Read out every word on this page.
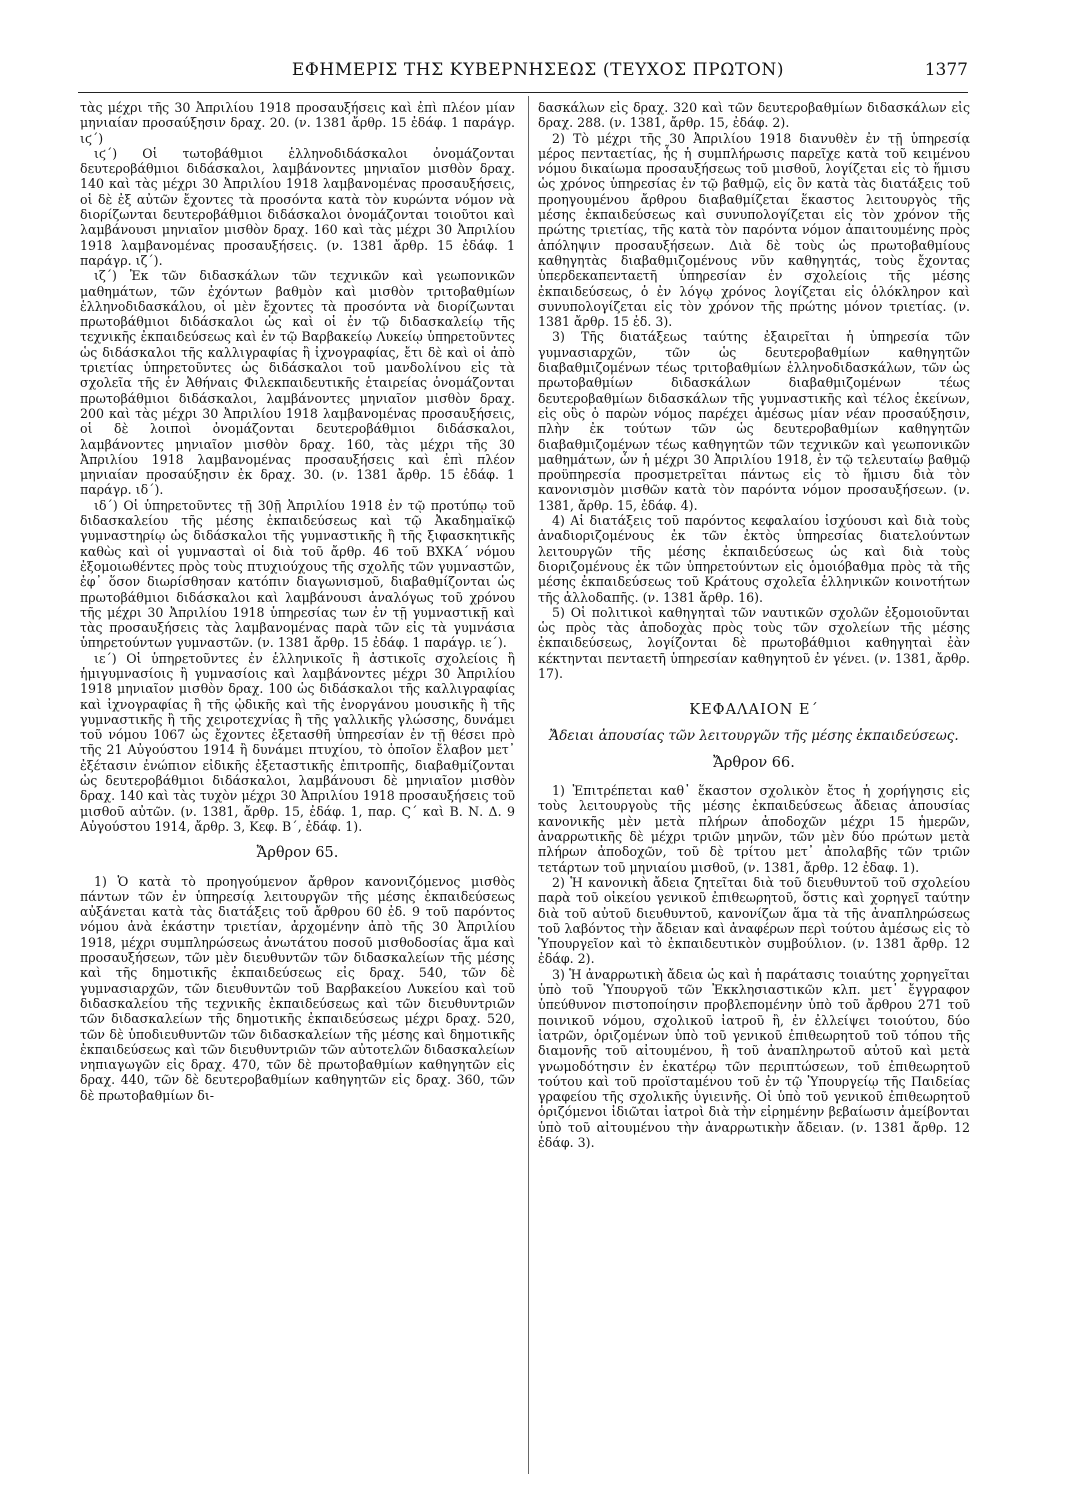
ΕΦΗΜΕΡΙΣ ΤΗΣ ΚΥΒΕΡΝΗΣΕΩΣ (ΤΕΥΧΟΣ ΠΡΩΤΟΝ)	1377

τὰς μέχρι τῆς 30 Ἀπριλίου 1918 προσαυξήσεις καὶ ἐπὶ πλέον μίαν μηνιαίαν προσαύξησιν δραχ. 20. (ν. 1381 ἄρθρ. 15 ἐδάφ. 1 παράγρ. ιϛ΄)

ιϛ΄) Οἱ τωτοβάθμιοι ἑλληνοδιδάσκαλοι ὀνομάζονται δευτεροβάθμιοι διδάσκαλοι, λαμβάνοντες μηνιαῖον μισθὸν δραχ. 140 καὶ τὰς μέχρι 30 Ἀπριλίου 1918 λαμβανομένας προσαυξήσεις, οἱ δὲ ἐξ αὐτῶν ἔχοντες τὰ προσόντα κατὰ τὸν κυρώντα νόμον νὰ διορίζωνται δευτεροβάθμιοι διδάσκαλοι ὀνομάζονται τοιοῦτοι καὶ λαμβάνουσι μηνιαῖον μισθὸν δραχ. 160 καὶ τὰς μέχρι 30 Ἀπριλίου 1918 λαμβανομένας προσαυξήσεις. (ν. 1381 ἄρθρ. 15 ἐδάφ. 1 παράγρ. ιζ΄).

ιζ΄) Ἐκ τῶν διδασκάλων τῶν τεχνικῶν καὶ γεωπονικῶν μαθημάτων, τῶν ἐχόντων βαθμὸν καὶ μισθὸν τριτοβαθμίων ἑλληνοδιδασκάλου, οἱ μὲν ἔχοντες τὰ προσόντα νὰ διορίζωνται πρωτοβάθμιοι διδάσκαλοι ὡς καὶ οἱ ἐν τῷ διδασκαλείῳ τῆς τεχνικῆς ἐκπαιδεύσεως καὶ ἐν τῷ Βαρβακείῳ Λυκείῳ ὑπηρετοῦντες ὡς διδάσκαλοι τῆς καλλιγραφίας ἢ ἰχνογραφίας, ἔτι δὲ καὶ οἱ ἀπὸ τριετίας ὑπηρετοῦντες ὡς διδάσκαλοι τοῦ μανδολίνου εἰς τὰ σχολεῖα τῆς ἐν Ἀθήναις Φιλεκπαιδευτικῆς ἑταιρείας ὀνομάζονται πρωτοβάθμιοι διδάσκαλοι, λαμβάνοντες μηνιαῖον μισθὸν δραχ. 200 καὶ τὰς μέχρι 30 Ἀπριλίου 1918 λαμβανομένας προσαυξήσεις, οἱ δὲ λοιποὶ ὀνομάζονται δευτεροβάθμιοι διδάσκαλοι, λαμβάνοντες μηνιαῖον μισθὸν δραχ. 160, τὰς μέχρι τῆς 30 Ἀπριλίου 1918 λαμβανομένας προσαυξήσεις καὶ ἐπὶ πλέον μηνιαίαν προσαύξησιν ἐκ δραχ. 30. (ν. 1381 ἄρθρ. 15 ἐδάφ. 1 παράγρ. ιδ΄).

ιδ΄) Οἱ ὑπηρετοῦντες τῇ 30ῇ Ἀπριλίου 1918 ἐν τῷ προτύπῳ τοῦ διδασκαλείου τῆς μέσης ἐκπαιδεύσεως καὶ τῷ Ἀκαδημαϊκῷ γυμναστηρίῳ ὡς διδάσκαλοι τῆς γυμναστικῆς ἢ τῆς ξιφασκητικῆς καθὼς καὶ οἱ γυμνασταὶ οἱ διὰ τοῦ ἄρθρ. 46 τοῦ ΒΧΚΑ΄ νόμου ἐξομοιωθέντες πρὸς τοὺς πτυχιούχους τῆς σχολῆς τῶν γυμναστῶν, ἐφ᾽ ὅσον διωρίσθησαν κατόπιν διαγωνισμοῦ, διαβαθμίζονται ὡς πρωτοβάθμιοι διδάσκαλοι καὶ λαμβάνουσι ἀναλόγως τοῦ χρόνου τῆς μέχρι 30 Ἀπριλίου 1918 ὑπηρεσίας των ἐν τῇ γυμναστικῇ καὶ τὰς προσαυξήσεις τὰς λαμβανομένας παρὰ τῶν εἰς τὰ γυμνάσια ὑπηρετούντων γυμναστῶν. (ν. 1381 ἄρθρ. 15 ἐδάφ. 1 παράγρ. ιε΄).

ιε΄) Οἱ ὑπηρετοῦντες ἐν ἑλληνικοῖς ἢ ἀστικοῖς σχολείοις ἢ ἡμιγυμνασίοις ἢ γυμνασίοις καὶ λαμβάνοντες μέχρι 30 Ἀπριλίου 1918 μηνιαῖον μισθὸν δραχ. 100 ὡς διδάσκαλοι τῆς καλλιγραφίας καὶ ἰχνογραφίας ἢ τῆς ᾠδικῆς καὶ τῆς ἐνοργάνου μουσικῆς ἢ τῆς γυμναστικῆς ἢ τῆς χειροτεχνίας ἢ τῆς γαλλικῆς γλώσσης, δυνάμει τοῦ νόμου 1067 ὡς ἔχοντες ἐξετασθῆ ὑπηρεσίαν ἐν τῇ θέσει πρὸ τῆς 21 Αὐγούστου 1914 ἢ δυνάμει πτυχίου, τὸ ὁποῖον ἔλαβον μετ᾽ ἐξέτασιν ἐνώπιον εἰδικῆς ἐξεταστικῆς ἐπιτροπῆς, διαβαθμίζονται ὡς δευτεροβάθμιοι διδάσκαλοι, λαμβάνουσι δὲ μηνιαῖον μισθὸν δραχ. 140 καὶ τὰς τυχὸν μέχρι 30 Ἀπριλίου 1918 προσαυξήσεις τοῦ μισθοῦ αὐτῶν. (ν. 1381, ἄρθρ. 15, ἐδάφ. 1, παρ. Ϛ΄ καὶ Β. Ν. Δ. 9 Αὐγούστου 1914, ἄρθρ. 3, Κεφ. Β΄, ἐδάφ. 1).

Ἄρθρον 65.

1) Ὁ κατὰ τὸ προηγούμενον ἄρθρον κανονιζόμενος μισθὸς πάντων τῶν ἐν ὑπηρεσίᾳ λειτουργῶν τῆς μέσης ἐκπαιδεύσεως αὐξάνεται κατὰ τὰς διατάξεις τοῦ ἄρθρου 60 ἐδ. 9 τοῦ παρόντος νόμου ἀνὰ ἑκάστην τριετίαν, ἀρχομένην ἀπὸ τῆς 30 Ἀπριλίου 1918, μέχρι συμπληρώσεως ἀνωτάτου ποσοῦ μισθοδοσίας ἅμα καὶ προσαυξήσεων, τῶν μὲν διευθυντῶν τῶν διδασκαλείων τῆς μέσης καὶ τῆς δημοτικῆς ἐκπαιδεύσεως εἰς δραχ. 540, τῶν δὲ γυμνασιαρχῶν, τῶν διευθυντῶν τοῦ Βαρβακείου Λυκείου καὶ τοῦ διδασκαλείου τῆς τεχνικῆς ἐκπαιδεύσεως καὶ τῶν διευθυντριῶν τῶν διδασκαλείων τῆς δημοτικῆς ἐκπαιδεύσεως μέχρι δραχ. 520, τῶν δὲ ὑποδιευθυντῶν τῶν διδασκαλείων τῆς μέσης καὶ δημοτικῆς ἐκπαιδεύσεως καὶ τῶν διευθυντριῶν τῶν αὐτοτελῶν διδασκαλείων νηπιαγωγῶν εἰς δραχ. 470, τῶν δὲ πρωτοβαθμίων καθηγητῶν εἰς δραχ. 440, τῶν δὲ δευτεροβαθμίων καθηγητῶν εἰς δραχ. 360, τῶν δὲ πρωτοβαθμίων δι-

δασκάλων εἰς δραχ. 320 καὶ τῶν δευτεροβαθμίων διδασκάλων εἰς δραχ. 288. (ν. 1381, ἄρθρ. 15, ἐδάφ. 2).

2) Τὸ μέχρι τῆς 30 Ἀπριλίου 1918 διανυθὲν ἐν τῇ ὑπηρεσίᾳ μέρος πενταετίας, ἧς ἡ συμπλήρωσις παρεῖχε κατὰ τοῦ κειμένου νόμου δικαίωμα προσαυξήσεως τοῦ μισθοῦ, λογίζεται εἰς τὸ ἥμισυ ὡς χρόνος ὑπηρεσίας ἐν τῷ βαθμῷ, εἰς ὃν κατὰ τὰς διατάξεις τοῦ προηγουμένου ἄρθρου διαβαθμίζεται ἕκαστος λειτουργὸς τῆς μέσης ἐκπαιδεύσεως καὶ συνυπολογίζεται εἰς τὸν χρόνον τῆς πρώτης τριετίας, τῆς κατὰ τὸν παρόντα νόμον ἀπαιτουμένης πρὸς ἀπόληψιν προσαυξήσεων. Διὰ δὲ τοὺς ὡς πρωτοβαθμίους καθηγητὰς διαβαθμιζομένους νῦν καθηγητάς, τοὺς ἔχοντας ὑπερδεκαπενταετῆ ὑπηρεσίαν ἐν σχολείοις τῆς μέσης ἐκπαιδεύσεως, ὁ ἐν λόγῳ χρόνος λογίζεται εἰς ὁλόκληρον καὶ συνυπολογίζεται εἰς τὸν χρόνον τῆς πρώτης μόνον τριετίας. (ν. 1381 ἄρθρ. 15 ἐδ. 3).

3) Τῆς διατάξεως ταύτης ἐξαιρεῖται ἡ ὑπηρεσία τῶν γυμνασιαρχῶν, τῶν ὡς δευτεροβαθμίων καθηγητῶν διαβαθμιζομένων τέως τριτοβαθμίων ἑλληνοδιδασκάλων, τῶν ὡς πρωτοβαθμίων διδασκάλων διαβαθμιζομένων τέως δευτεροβαθμίων διδασκάλων τῆς γυμναστικῆς καὶ τέλος ἐκείνων, εἰς οὓς ὁ παρὼν νόμος παρέχει ἀμέσως μίαν νέαν προσαύξησιν, πλὴν ἐκ τούτων τῶν ὡς δευτεροβαθμίων καθηγητῶν διαβαθμιζομένων τέως καθηγητῶν τῶν τεχνικῶν καὶ γεωπονικῶν μαθημάτων, ὧν ἡ μέχρι 30 Ἀπριλίου 1918, ἐν τῷ τελευταίῳ βαθμῷ προϋπηρεσία προσμετρεῖται πάντως εἰς τὸ ἥμισυ διὰ τὸν κανονισμὸν μισθῶν κατὰ τὸν παρόντα νόμον προσαυξήσεων. (ν. 1381, ἄρθρ. 15, ἐδάφ. 4).

4) Αἱ διατάξεις τοῦ παρόντος κεφαλαίου ἰσχύουσι καὶ διὰ τοὺς ἀναδιοριζομένους ἐκ τῶν ἐκτὸς ὑπηρεσίας διατελούντων λειτουργῶν τῆς μέσης ἐκπαιδεύσεως ὡς καὶ διὰ τοὺς διοριζομένους ἐκ τῶν ὑπηρετούντων εἰς ὁμοιόβαθμα πρὸς τὰ τῆς μέσης ἐκπαιδεύσεως τοῦ Κράτους σχολεῖα ἑλληνικῶν κοινοτήτων τῆς ἀλλοδαπῆς. (ν. 1381 ἄρθρ. 16).

5) Οἱ πολιτικοὶ καθηγηταὶ τῶν ναυτικῶν σχολῶν ἐξομοιοῦνται ὡς πρὸς τὰς ἀποδοχὰς πρὸς τοὺς τῶν σχολείων τῆς μέσης ἐκπαιδεύσεως, λογίζονται δὲ πρωτοβάθμιοι καθηγηταὶ ἐὰν κέκτηνται πενταετῆ ὑπηρεσίαν καθηγητοῦ ἐν γένει. (ν. 1381, ἄρθρ. 17).

ΚΕΦΑΛΑΙΟΝ Ε΄

Ἄδειαι ἀπουσίας τῶν λειτουργῶν τῆς μέσης ἐκπαιδεύσεως.

Ἄρθρον 66.

1) Ἐπιτρέπεται καθ᾽ ἕκαστον σχολικὸν ἔτος ἡ χορήγησις εἰς τοὺς λειτουργοὺς τῆς μέσης ἐκπαιδεύσεως ἄδειας ἀπουσίας κανονικῆς μὲν μετὰ πλήρων ἀποδοχῶν μέχρι 15 ἡμερῶν, ἀναρρωτικῆς δὲ μέχρι τριῶν μηνῶν, τῶν μὲν δύο πρώτων μετὰ πλήρων ἀποδοχῶν, τοῦ δὲ τρίτου μετ᾽ ἀπολαβῆς τῶν τριῶν τετάρτων τοῦ μηνιαίου μισθοῦ, (ν. 1381, ἄρθρ. 12 ἐδαφ. 1).

2) Ἡ κανονικὴ ἄδεια ζητεῖται διὰ τοῦ διευθυντοῦ τοῦ σχολείου παρὰ τοῦ οἰκείου γενικοῦ ἐπιθεωρητοῦ, ὅστις καὶ χορηγεῖ ταύτην διὰ τοῦ αὐτοῦ διευθυντοῦ, κανονίζων ἅμα τὰ τῆς ἀναπληρώσεως τοῦ λαβόντος τὴν ἄδειαν καὶ ἀναφέρων περὶ τούτου ἀμέσως εἰς τὸ Ὑπουργεῖον καὶ τὸ ἐκπαιδευτικὸν συμβούλιον. (ν. 1381 ἄρθρ. 12 ἐδάφ. 2).

3) Ἡ ἀναρρωτικὴ ἄδεια ὡς καὶ ἡ παράτασις τοιαύτης χορηγεῖται ὑπὸ τοῦ Ὑπουργοῦ τῶν Ἐκκλησιαστικῶν κλπ. μετ᾽ ἔγγραφον ὑπεύθυνον πιστοποίησιν προβλεπομένην ὑπὸ τοῦ ἄρθρου 271 τοῦ ποινικοῦ νόμου, σχολικοῦ ἰατροῦ ἢ, ἐν ἐλλείψει τοιούτου, δύο ἰατρῶν, ὁριζομένων ὑπὸ τοῦ γενικοῦ ἐπιθεωρητοῦ τοῦ τόπου τῆς διαμονῆς τοῦ αἰτουμένου, ἢ τοῦ ἀναπληρωτοῦ αὐτοῦ καὶ μετὰ γνωμοδότησιν ἐν ἑκατέρῳ τῶν περιπτώσεων, τοῦ ἐπιθεωρητοῦ τούτου καὶ τοῦ προϊσταμένου τοῦ ἐν τῷ Ὑπουργείῳ τῆς Παιδείας γραφείου τῆς σχολικῆς ὑγιεινῆς. Οἱ ὑπὸ τοῦ γενικοῦ ἐπιθεωρητοῦ ὁριζόμενοι ἰδιῶται ἰατροὶ διὰ τὴν εἰρημένην βεβαίωσιν ἀμείβονται ὑπὸ τοῦ αἰτουμένου τὴν ἀναρρωτικὴν ἄδειαν. (ν. 1381 ἄρθρ. 12 ἐδάφ. 3).
